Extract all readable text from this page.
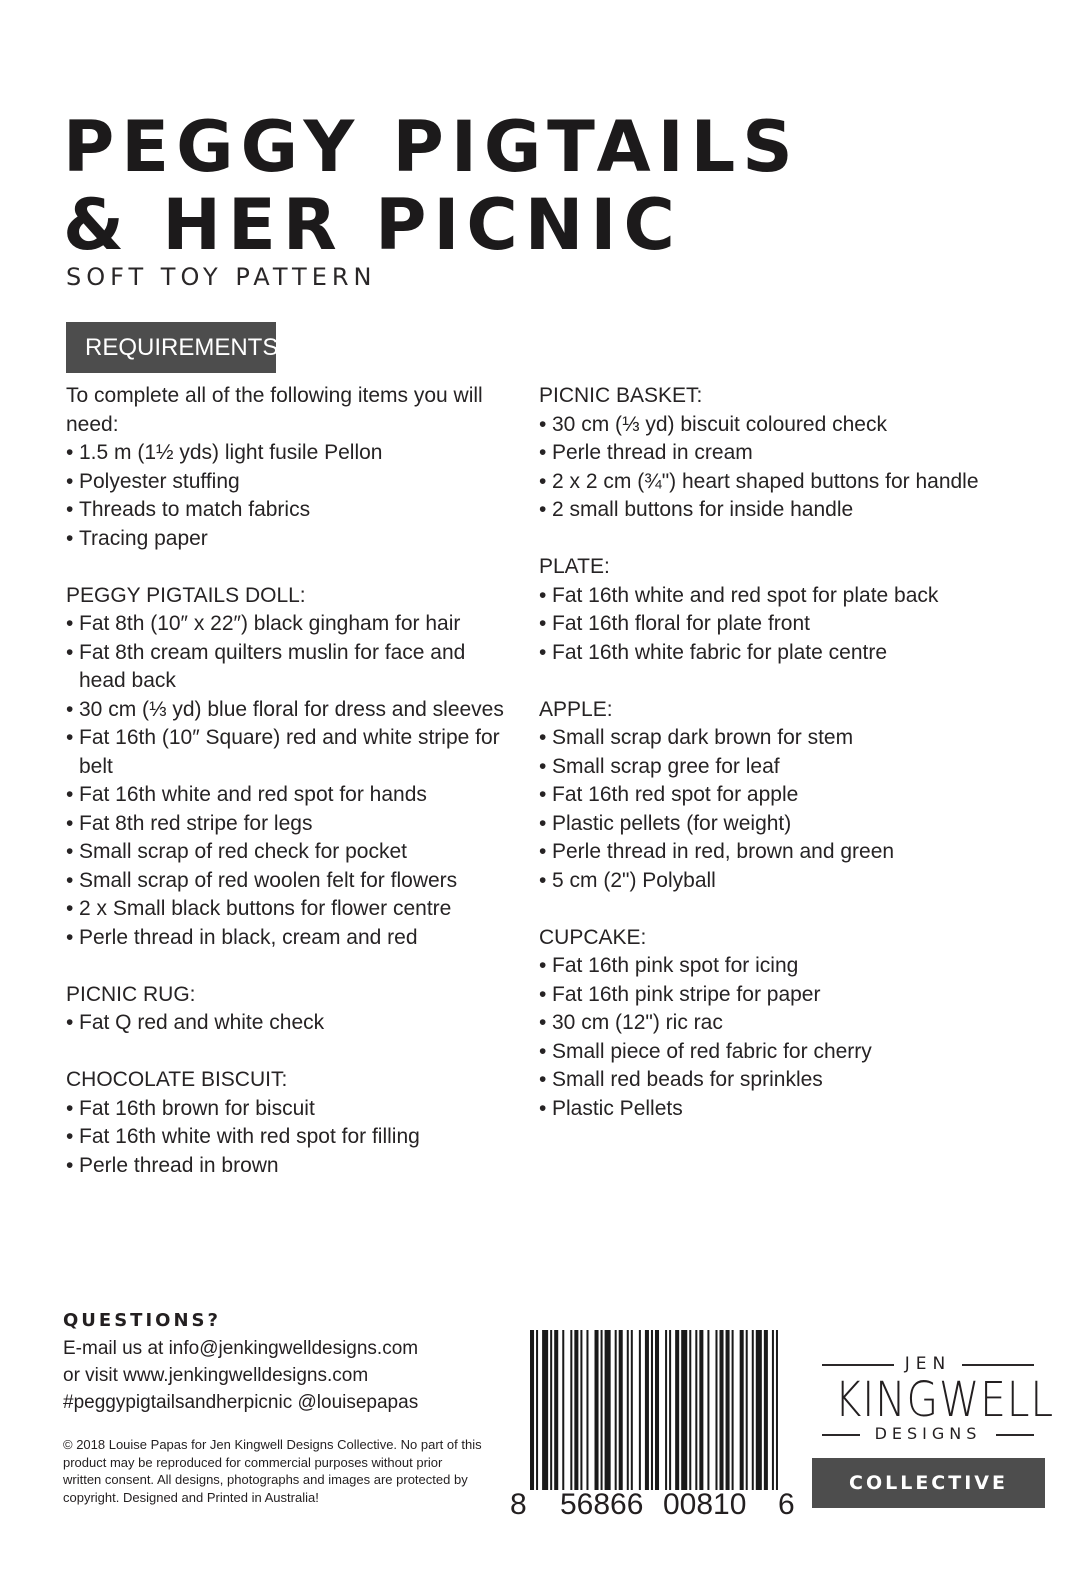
PEGGY PIGTAILS
& HER PICNIC
SOFT TOY PATTERN
REQUIREMENTS

To complete all of the following items you will need:

• 1.5 m (1½ yds) light fusile Pellon
• Polyester stuffing
• Threads to match fabrics
• Tracing paper

PEGGY PIGTAILS DOLL:

• Fat 8th (10″ x 22″) black gingham for hair
• Fat 8th cream quilters muslin for face and head back
• 30 cm (⅓ yd) blue floral for dress and sleeves
• Fat 16th (10″ Square) red and white stripe for belt
• Fat 16th white and red spot for hands
• Fat 8th red stripe for legs
• Small scrap of red check for pocket
• Small scrap of red woolen felt for flowers
• 2 x Small black buttons for flower centre
• Perle thread in black, cream and red

PICNIC RUG:

• Fat Q red and white check

CHOCOLATE BISCUIT:

• Fat 16th brown for biscuit
• Fat 16th white with red spot for filling
• Perle thread in brown

PICNIC BASKET:

• 30 cm (⅓ yd) biscuit coloured check
• Perle thread in cream
• 2 x 2 cm (¾") heart shaped buttons for handle
• 2 small buttons for inside handle

PLATE:

• Fat 16th white and red spot for plate back
• Fat 16th floral for plate front
• Fat 16th white fabric for plate centre

APPLE:

• Small scrap dark brown for stem
• Small scrap gree for leaf
• Fat 16th red spot for apple
• Plastic pellets (for weight)
• Perle thread in red, brown and green
• 5 cm (2") Polyball

CUPCAKE:

• Fat 16th pink spot for icing
• Fat 16th pink stripe for paper
• 30 cm (12") ric rac
• Small piece of red fabric for cherry
• Small red beads for sprinkles
• Plastic Pellets
QUESTIONS?
E-mail us at info@jenkingwelldesigns.com
or visit www.jenkingwelldesigns.com
#peggypigtailsandherpicnic @louisepapas
© 2018 Louise Papas for Jen Kingwell Designs Collective. No part of this product may be reproduced for commercial purposes without prior written consent. All designs, photographs and images are protected by copyright. Designed and Printed in Australia!	8 56866 00810 6
JEN
KINGWELL
DESIGNS
COLLECTIVE
